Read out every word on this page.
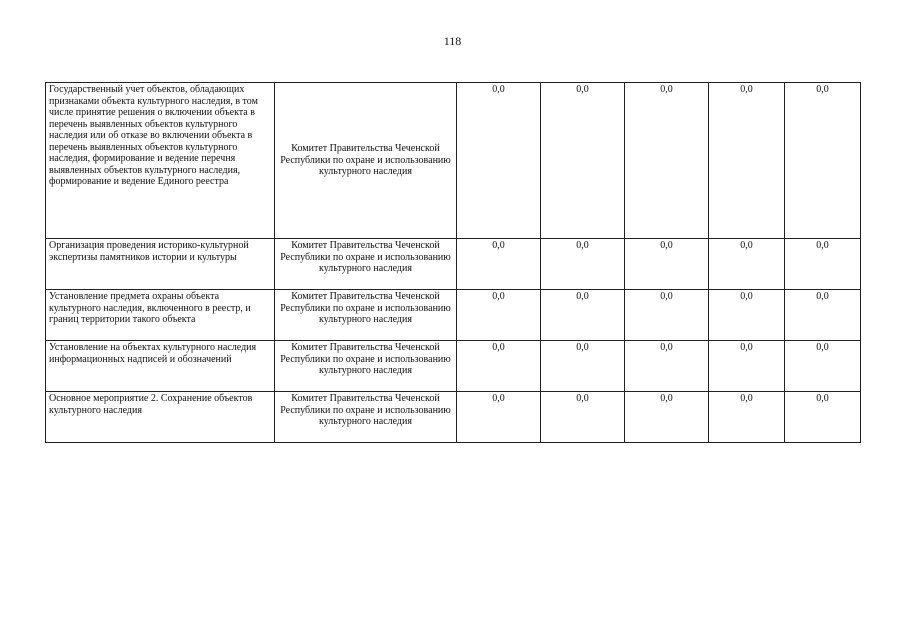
118
Государственный учет объектов, обладающих признаками объекта культурного наследия, в том числе принятие решения о включении объекта в перечень выявленных объектов культурного наследия или об отказе во включении объекта в перечень выявленных объектов культурного наследия, формирование и ведение перечня выявленных объектов культурного наследия, формирование и ведение Единого реестра	Комитет Правительства Чеченской Республики по охране и использованию культурного наследия	0,0	0,0	0,0	0,0	0,0
Организация проведения историко-культурной экспертизы памятников истории и культуры	Комитет Правительства Чеченской Республики по охране и использованию культурного наследия	0,0	0,0	0,0	0,0	0,0
Установление предмета охраны объекта культурного наследия, включенного в реестр, и границ территории такого объекта	Комитет Правительства Чеченской Республики по охране и использованию культурного наследия	0,0	0,0	0,0	0,0	0,0
Установление на объектах культурного наследия информационных надписей и обозначений	Комитет Правительства Чеченской Республики по охране и использованию культурного наследия	0,0	0,0	0,0	0,0	0,0
Основное мероприятие 2. Сохранение объектов культурного наследия	Комитет Правительства Чеченской Республики по охране и использованию культурного наследия	0,0	0,0	0,0	0,0	0,0
